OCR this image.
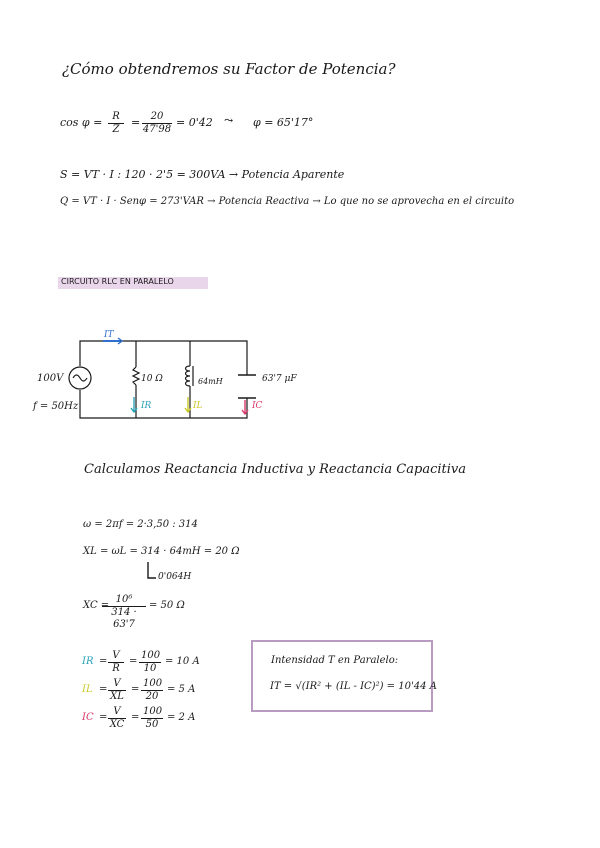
¿Cómo obtendremos su Factor de Potencia?
$\cos \varphi = \frac{R}{Z} = \frac{20}{47'98} = 0'42$ ⤳ φ = 65'17°
S = VT · I : 120 · 2'5 = 300VA → Potencia Aparente
Q = VT · I · Senφ = 273'VAR → Potencia Reactiva → Lo que no se aprovecha en el circuito
CIRCUITO RLC EN PARALELO
IT
100V
f = 50Hz
10 Ω	64mH	63'7 μF
IR	IL	IC
Calculamos Reactancia Inductiva y Reactancia Capacitiva
ω = 2πf = 2·3,50 : 314
XL = ωL = 314 · 64mH = 20 Ω
0'064H
XC =
$\frac{\text{10⁶}}{314 \cdot 63'7} = 50$ Ω
IR = $\frac{V}{R} = \frac{100}{10} = 10$ A
IL = $\frac{V}{XL} = \frac{100}{20} = 5$ A
IC = $\frac{V}{XC} = \frac{100}{50} = 2$ A
Intensidad T en Paralelo:
IT = √(IR² + (IL - IC)²) = 10'44 A
